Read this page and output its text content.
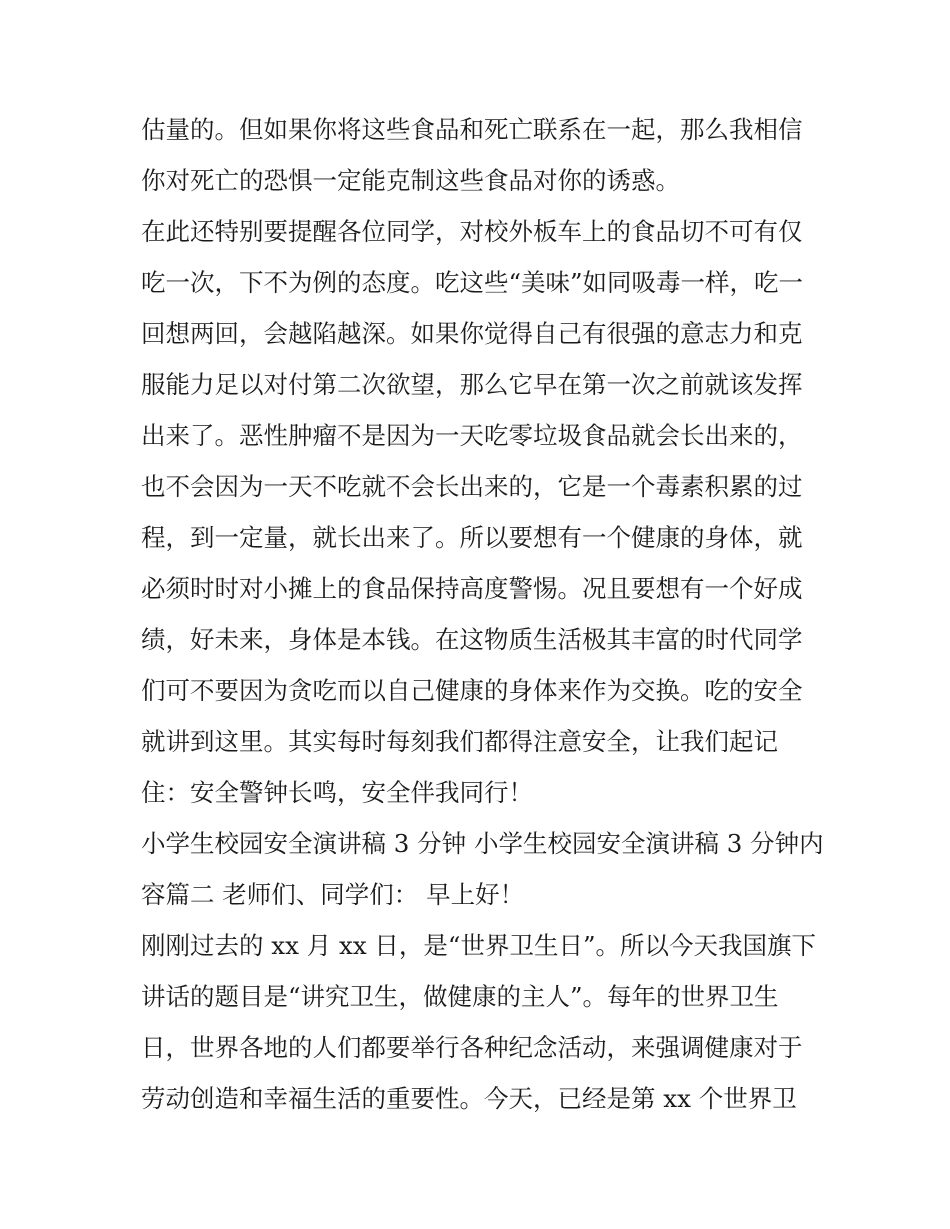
估量的。但如果你将这些食品和死亡联系在一起，那么我相信
你对死亡的恐惧一定能克制这些食品对你的诱惑。
在此还特别要提醒各位同学，对校外板车上的食品切不可有仅
吃一次，下不为例的态度。吃这些“美味”如同吸毒一样，吃一
回想两回，会越陷越深。如果你觉得自己有很强的意志力和克
服能力足以对付第二次欲望，那么它早在第一次之前就该发挥
出来了。恶性肿瘤不是因为一天吃零垃圾食品就会长出来的，
也不会因为一天不吃就不会长出来的，它是一个毒素积累的过
程，到一定量，就长出来了。所以要想有一个健康的身体，就
必须时时对小摊上的食品保持高度警惕。况且要想有一个好成
绩，好未来，身体是本钱。在这物质生活极其丰富的时代同学
们可不要因为贪吃而以自己健康的身体来作为交换。吃的安全
就讲到这里。其实每时每刻我们都得注意安全，让我们起记
住：安全警钟长鸣，安全伴我同行！
小学生校园安全演讲稿 3 分钟 小学生校园安全演讲稿 3 分钟内
容篇二 老师们、同学们： 早上好！
刚刚过去的 xx 月 xx 日，是“世界卫生日”。所以今天我国旗下
讲话的题目是“讲究卫生，做健康的主人”。每年的世界卫生
日，世界各地的人们都要举行各种纪念活动，来强调健康对于
劳动创造和幸福生活的重要性。今天，已经是第 xx 个世界卫
